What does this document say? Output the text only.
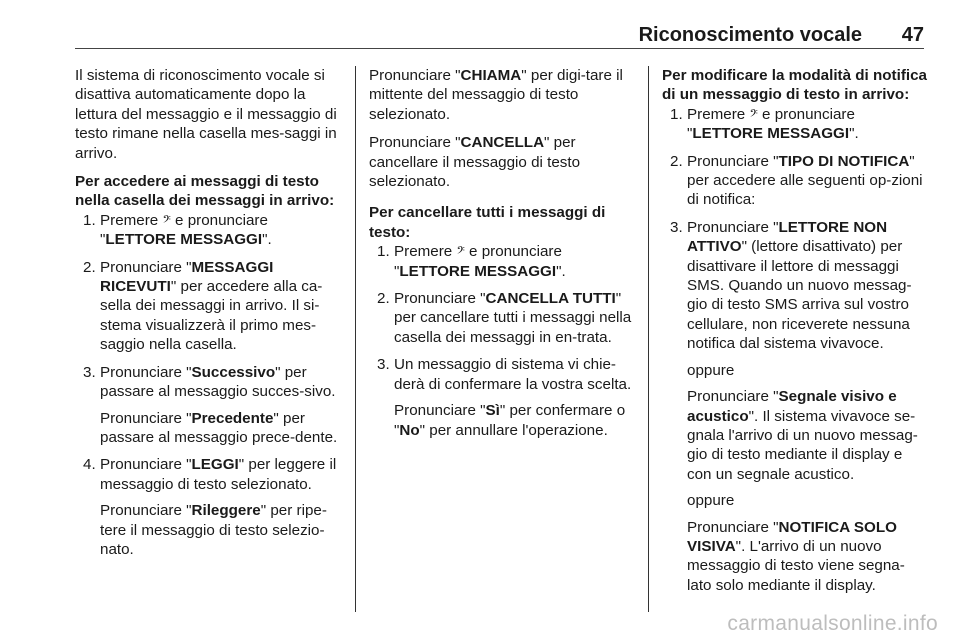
Riconoscimento vocale 47

Il sistema di riconoscimento vocale si disattiva automaticamente dopo la lettura del messaggio e il messaggio di testo rimane nella casella mes-saggi in arrivo.

Per accedere ai messaggi di testo nella casella dei messaggi in arrivo:

1. Premere 𝄢 e pronunciare "LETTORE MESSAGGI".

2. Pronunciare "MESSAGGI RICEVUTI" per accedere alla ca-sella dei messaggi in arrivo. Il si-stema visualizzerà il primo mes-saggio nella casella.

3. Pronunciare "Successivo" per passare al messaggio succes-sivo.

Pronunciare "Precedente" per passare al messaggio prece-dente.

4. Pronunciare "LEGGI" per leggere il messaggio di testo selezionato.

Pronunciare "Rileggere" per ripe-tere il messaggio di testo selezio-nato.

Pronunciare "CHIAMA" per digi-tare il mittente del messaggio di testo selezionato.

Pronunciare "CANCELLA" per cancellare il messaggio di testo selezionato.

Per cancellare tutti i messaggi di testo:

1. Premere 𝄢 e pronunciare "LETTORE MESSAGGI".

2. Pronunciare "CANCELLA TUTTI" per cancellare tutti i messaggi nella casella dei messaggi in en-trata.

3. Un messaggio di sistema vi chie-derà di confermare la vostra scelta.

Pronunciare "Sì" per confermare o "No" per annullare l'operazione.

Per modificare la modalità di notifica di un messaggio di testo in arrivo:

1. Premere 𝄢 e pronunciare "LETTORE MESSAGGI".

2. Pronunciare "TIPO DI NOTIFICA" per accedere alle seguenti op-zioni di notifica:

3. Pronunciare "LETTORE NON ATTIVO" (lettore disattivato) per disattivare il lettore di messaggi SMS. Quando un nuovo messag-gio di testo SMS arriva sul vostro cellulare, non riceverete nessuna notifica dal sistema vivavoce.

oppure

Pronunciare "Segnale visivo e acustico". Il sistema vivavoce se-gnala l'arrivo di un nuovo messag-gio di testo mediante il display e con un segnale acustico.

oppure

Pronunciare "NOTIFICA SOLO VISIVA". L'arrivo di un nuovo messaggio di testo viene segna-lato solo mediante il display.

carmanualsonline.info
